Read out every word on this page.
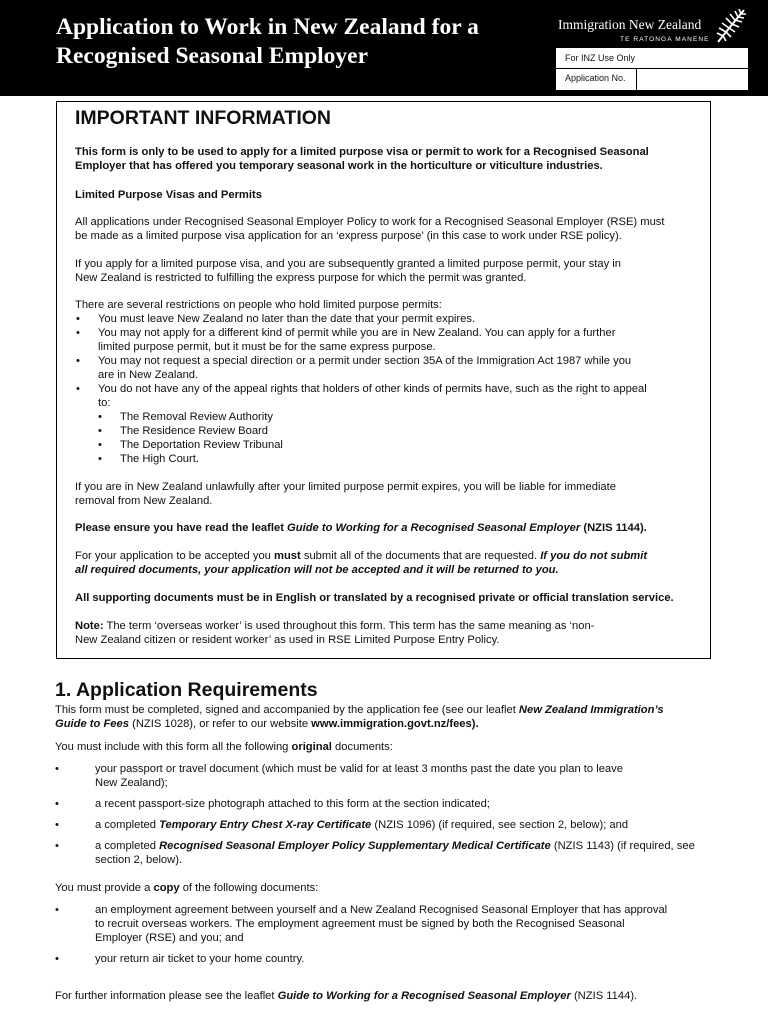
Application to Work in New Zealand for a
Recognised Seasonal Employer
Immigration New Zealand
TE RATONGA MANENE
For INZ Use Only
Application No.
IMPORTANT INFORMATION
This form is only to be used to apply for a limited purpose visa or permit to work for a Recognised Seasonal
Employer that has offered you temporary seasonal work in the horticulture or viticulture industries.
Limited Purpose Visas and Permits
All applications under Recognised Seasonal Employer Policy to work for a Recognised Seasonal Employer (RSE) must
be made as a limited purpose visa application for an ‘express purpose’ (in this case to work under RSE policy).
If you apply for a limited purpose visa, and you are subsequently granted a limited purpose permit, your stay in
New Zealand is restricted to fulfilling the express purpose for which the permit was granted.
There are several restrictions on people who hold limited purpose permits:
• You must leave New Zealand no later than the date that your permit expires.
• You may not apply for a different kind of permit while you are in New Zealand. You can apply for a further
limited purpose permit, but it must be for the same express purpose.
• You may not request a special direction or a permit under section 35A of the Immigration Act 1987 while you
are in New Zealand.
• You do not have any of the appeal rights that holders of other kinds of permits have, such as the right to appeal
to:
• The Removal Review Authority
• The Residence Review Board
• The Deportation Review Tribunal
• The High Court.
If you are in New Zealand unlawfully after your limited purpose permit expires, you will be liable for immediate
removal from New Zealand.
Please ensure you have read the leaflet Guide to Working for a Recognised Seasonal Employer (NZIS 1144).
For your application to be accepted you must submit all of the documents that are requested. If you do not submit
all required documents, your application will not be accepted and it will be returned to you.
All supporting documents must be in English or translated by a recognised private or official translation service.
Note: The term ‘overseas worker’ is used throughout this form. This term has the same meaning as ‘non-
New Zealand citizen or resident worker’ as used in RSE Limited Purpose Entry Policy.
1. Application Requirements
This form must be completed, signed and accompanied by the application fee (see our leaflet New Zealand Immigration’s
Guide to Fees (NZIS 1028), or refer to our website www.immigration.govt.nz/fees).
You must include with this form all the following original documents:
•	your passport or travel document (which must be valid for at least 3 months past the date you plan to leave
New Zealand);
•	a recent passport-size photograph attached to this form at the section indicated;
•	a completed Temporary Entry Chest X-ray Certificate (NZIS 1096) (if required, see section 2, below); and
•	a completed Recognised Seasonal Employer Policy Supplementary Medical Certificate (NZIS 1143) (if required, see
section 2, below).
You must provide a copy of the following documents:
•	an employment agreement between yourself and a New Zealand Recognised Seasonal Employer that has approval
to recruit overseas workers. The employment agreement must be signed by both the Recognised Seasonal
Employer (RSE) and you; and
•	your return air ticket to your home country.
For further information please see the leaflet Guide to Working for a Recognised Seasonal Employer (NZIS 1144).
